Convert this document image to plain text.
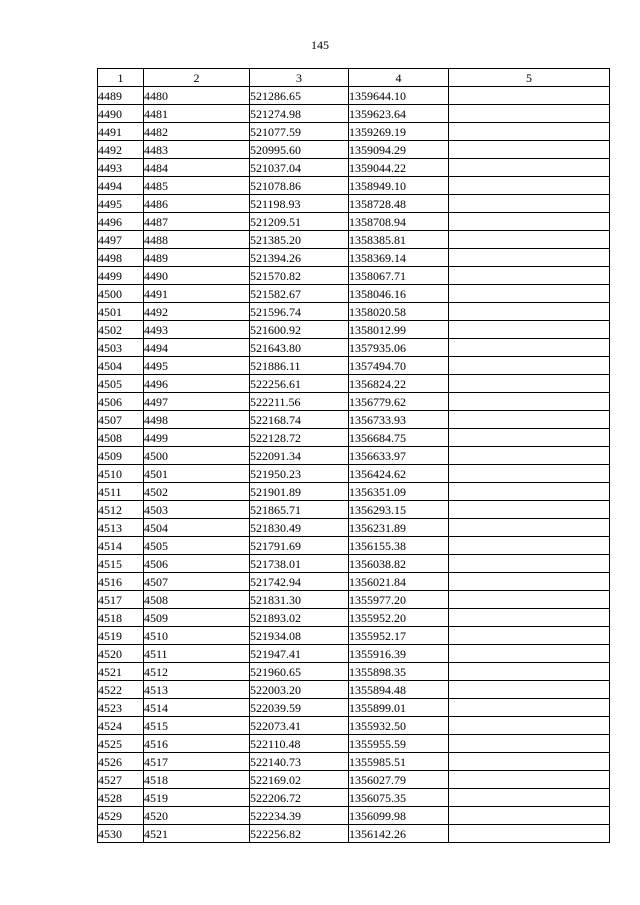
145
1	2	3	4	5
4489	4480	521286.65	1359644.10	
4490	4481	521274.98	1359623.64	
4491	4482	521077.59	1359269.19	
4492	4483	520995.60	1359094.29	
4493	4484	521037.04	1359044.22	
4494	4485	521078.86	1358949.10	
4495	4486	521198.93	1358728.48	
4496	4487	521209.51	1358708.94	
4497	4488	521385.20	1358385.81	
4498	4489	521394.26	1358369.14	
4499	4490	521570.82	1358067.71	
4500	4491	521582.67	1358046.16	
4501	4492	521596.74	1358020.58	
4502	4493	521600.92	1358012.99	
4503	4494	521643.80	1357935.06	
4504	4495	521886.11	1357494.70	
4505	4496	522256.61	1356824.22	
4506	4497	522211.56	1356779.62	
4507	4498	522168.74	1356733.93	
4508	4499	522128.72	1356684.75	
4509	4500	522091.34	1356633.97	
4510	4501	521950.23	1356424.62	
4511	4502	521901.89	1356351.09	
4512	4503	521865.71	1356293.15	
4513	4504	521830.49	1356231.89	
4514	4505	521791.69	1356155.38	
4515	4506	521738.01	1356038.82	
4516	4507	521742.94	1356021.84	
4517	4508	521831.30	1355977.20	
4518	4509	521893.02	1355952.20	
4519	4510	521934.08	1355952.17	
4520	4511	521947.41	1355916.39	
4521	4512	521960.65	1355898.35	
4522	4513	522003.20	1355894.48	
4523	4514	522039.59	1355899.01	
4524	4515	522073.41	1355932.50	
4525	4516	522110.48	1355955.59	
4526	4517	522140.73	1355985.51	
4527	4518	522169.02	1356027.79	
4528	4519	522206.72	1356075.35	
4529	4520	522234.39	1356099.98	
4530	4521	522256.82	1356142.26	
